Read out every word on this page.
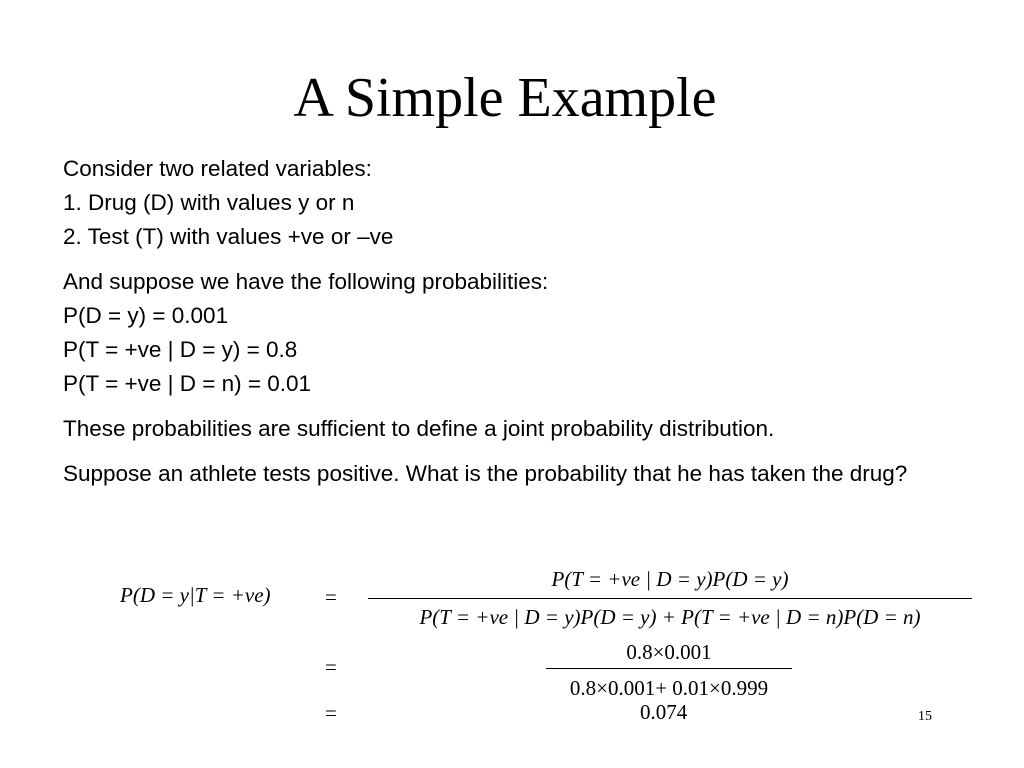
A Simple Example

Consider two related variables:
1. Drug (D) with values y or n
2. Test (T) with values +ve or –ve

And suppose we have the following probabilities:
P(D = y) = 0.001
P(T = +ve | D = y) = 0.8
P(T = +ve | D = n) = 0.01

These probabilities are sufficient to define a joint probability distribution.

Suppose an athlete tests positive. What is the probability that he has taken the drug?

P(D = y|T = +ve)	=
P(T = +ve | D = y)P(D = y)
P(T = +ve | D = y)P(D = y) + P(T = +ve | D = n)P(D = n)
=
0.8×0.001
0.8×0.001+ 0.01×0.999
=	0.074	15
